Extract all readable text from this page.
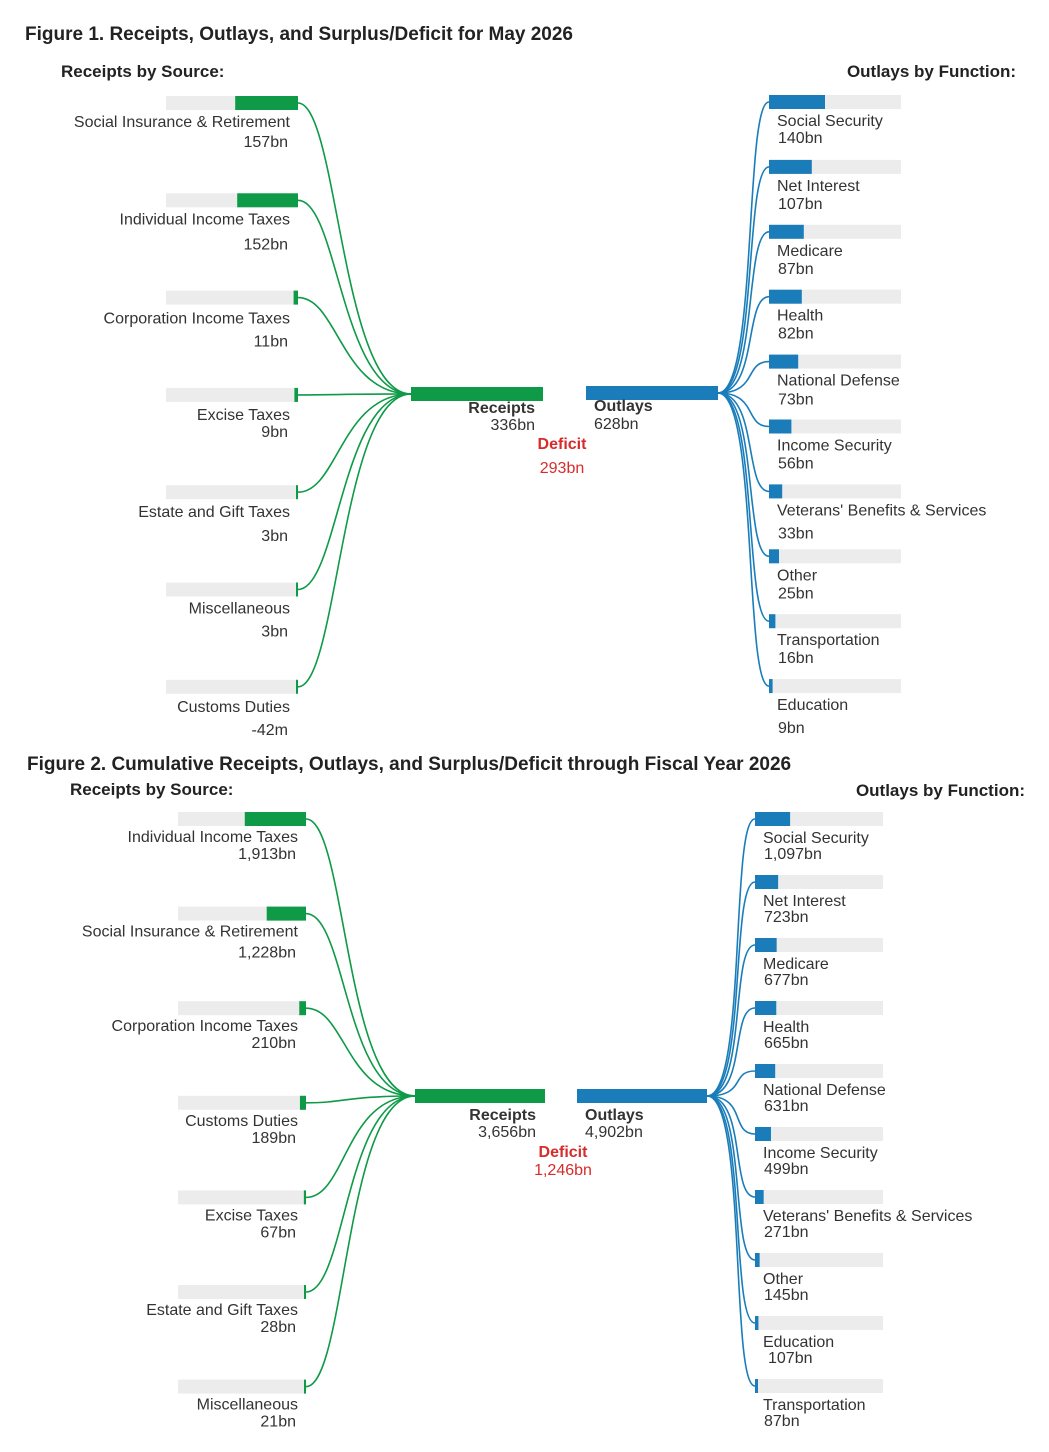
Figure 1. Receipts, Outlays, and Surplus/Deficit for May 2026
Receipts by Source:	Outlays by Function:
Social Insurance & Retirement
157bn
Individual Income Taxes
152bn
Corporation Income Taxes
11bn
Excise Taxes
9bn
Estate and Gift Taxes
3bn
Miscellaneous
3bn
Customs Duties
-42m
Social Security
140bn
Net Interest
107bn
Medicare
87bn
Health
82bn
National Defense
73bn
Income Security
56bn
Veterans' Benefits & Services
33bn
Other
25bn
Transportation
16bn
Education
9bn
Receipts
336bn
Outlays
628bn
Deficit
293bn
Figure 2. Cumulative Receipts, Outlays, and Surplus/Deficit through Fiscal Year 2026
Receipts by Source:	Outlays by Function:
Individual Income Taxes
1,913bn
Social Insurance & Retirement
1,228bn
Corporation Income Taxes
210bn
Customs Duties
189bn
Excise Taxes
67bn
Estate and Gift Taxes
28bn
Miscellaneous
21bn
Social Security
1,097bn
Net Interest
723bn
Medicare
677bn
Health
665bn
National Defense
631bn
Income Security
499bn
Veterans' Benefits & Services
271bn
Other
145bn
Education
107bn
Transportation
87bn
Receipts
3,656bn
Outlays
4,902bn
Deficit
1,246bn
